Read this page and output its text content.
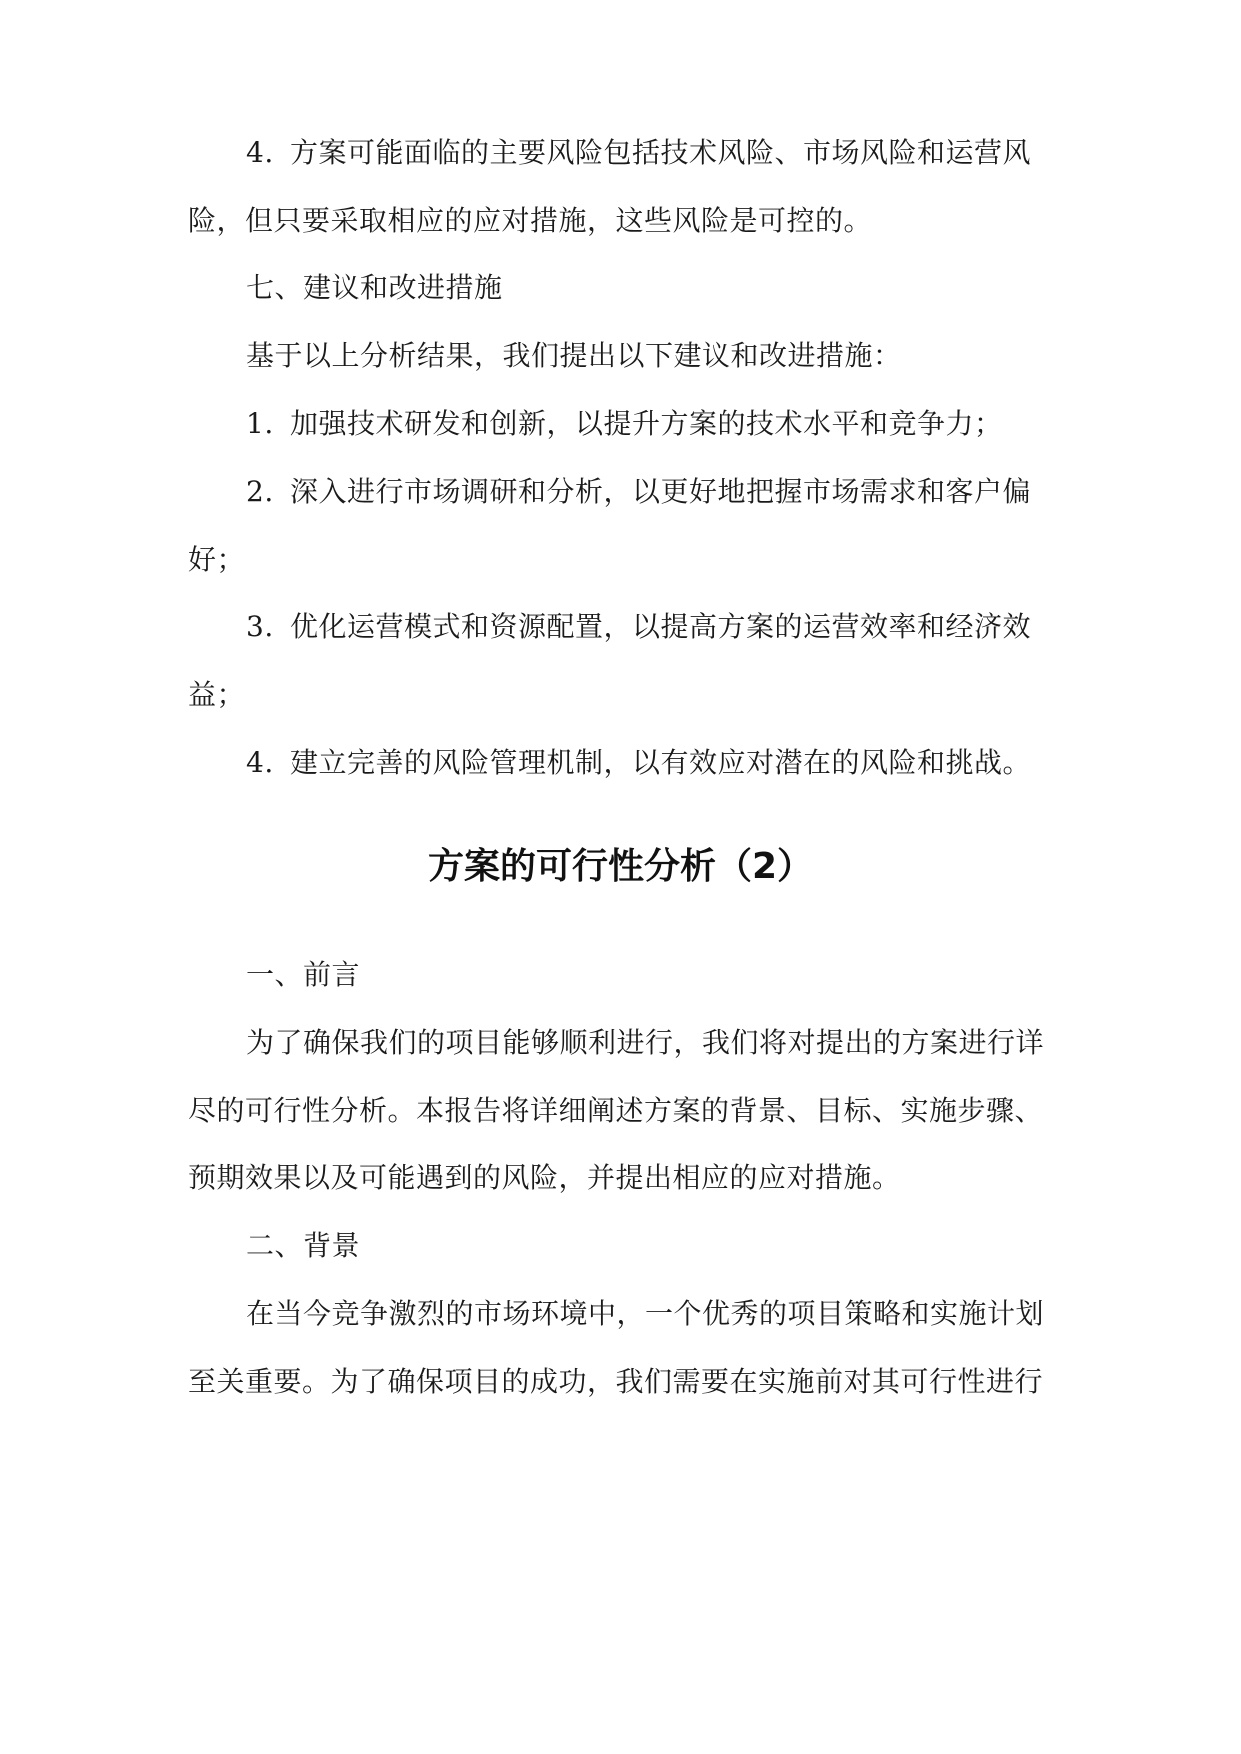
4. 方案可能面临的主要风险包括技术风险、市场风险和运营风
险，但只要采取相应的应对措施，这些风险是可控的。
七、建议和改进措施
基于以上分析结果，我们提出以下建议和改进措施：
1. 加强技术研发和创新，以提升方案的技术水平和竞争力；
2. 深入进行市场调研和分析，以更好地把握市场需求和客户偏
好；
3. 优化运营模式和资源配置，以提高方案的运营效率和经济效
益；
4. 建立完善的风险管理机制，以有效应对潜在的风险和挑战。
方案的可行性分析（2）
一、前言
为了确保我们的项目能够顺利进行，我们将对提出的方案进行详
尽的可行性分析。本报告将详细阐述方案的背景、目标、实施步骤、
预期效果以及可能遇到的风险，并提出相应的应对措施。
二、背景
在当今竞争激烈的市场环境中，一个优秀的项目策略和实施计划
至关重要。为了确保项目的成功，我们需要在实施前对其可行性进行
